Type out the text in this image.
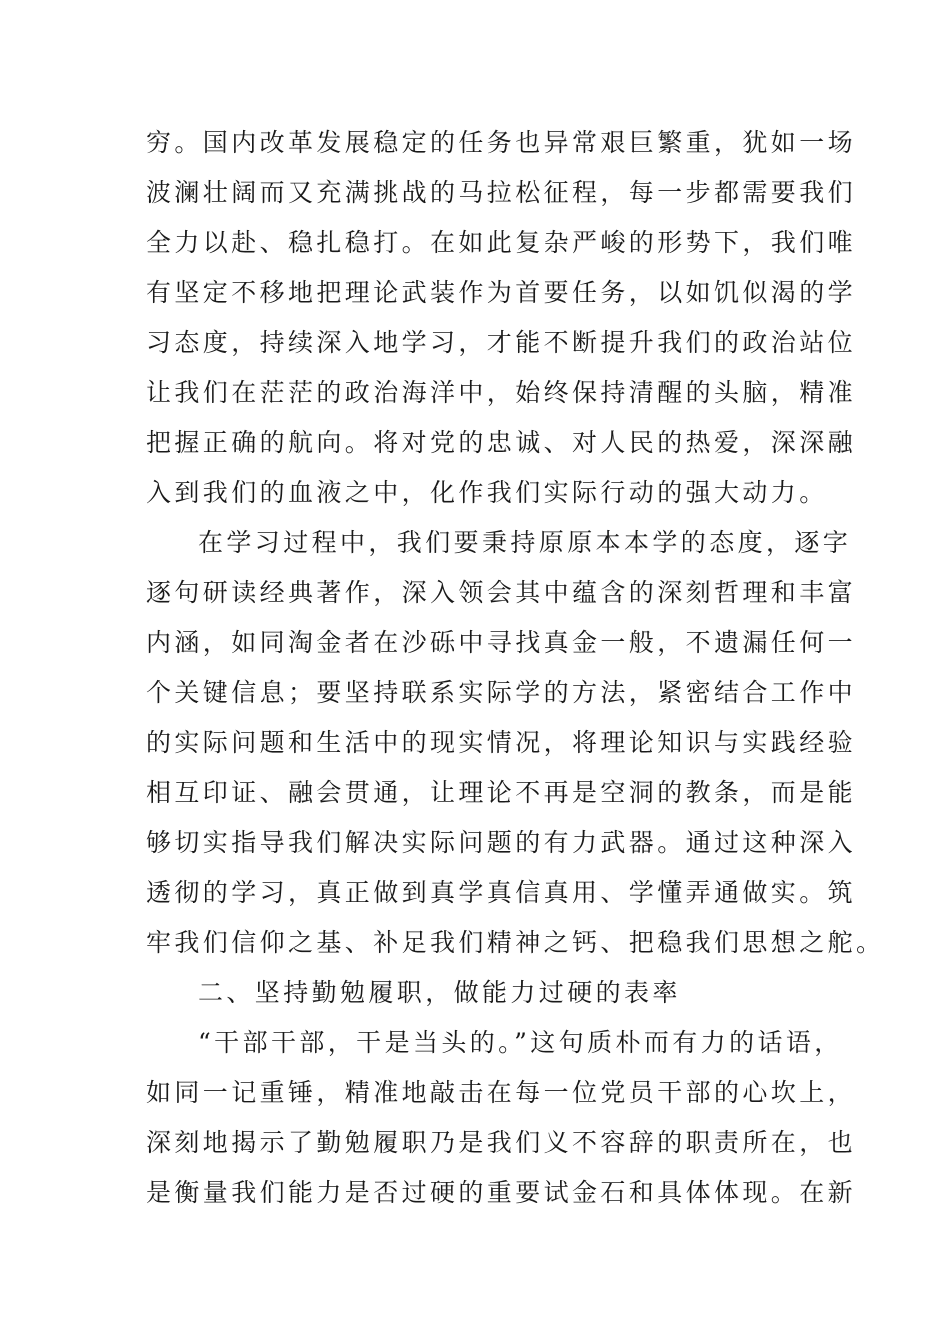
穷。国内改革发展稳定的任务也异常艰巨繁重，犹如一场
波澜壮阔而又充满挑战的马拉松征程，每一步都需要我们
全力以赴、稳扎稳打。在如此复杂严峻的形势下，我们唯
有坚定不移地把理论武装作为首要任务，以如饥似渴的学
习态度，持续深入地学习，才能不断提升我们的政治站位
让我们在茫茫的政治海洋中，始终保持清醒的头脑，精准
把握正确的航向。将对党的忠诚、对人民的热爱，深深融
入到我们的血液之中，化作我们实际行动的强大动力。
在学习过程中，我们要秉持原原本本学的态度，逐字
逐句研读经典著作，深入领会其中蕴含的深刻哲理和丰富
内涵，如同淘金者在沙砾中寻找真金一般，不遗漏任何一
个关键信息；要坚持联系实际学的方法，紧密结合工作中
的实际问题和生活中的现实情况，将理论知识与实践经验
相互印证、融会贯通，让理论不再是空洞的教条，而是能
够切实指导我们解决实际问题的有力武器。通过这种深入
透彻的学习，真正做到真学真信真用、学懂弄通做实。筑
牢我们信仰之基、补足我们精神之钙、把稳我们思想之舵。
二、坚持勤勉履职，做能力过硬的表率
“干部干部，干是当头的。”这句质朴而有力的话语，
如同一记重锤，精准地敲击在每一位党员干部的心坎上，
深刻地揭示了勤勉履职乃是我们义不容辞的职责所在，也
是衡量我们能力是否过硬的重要试金石和具体体现。在新
